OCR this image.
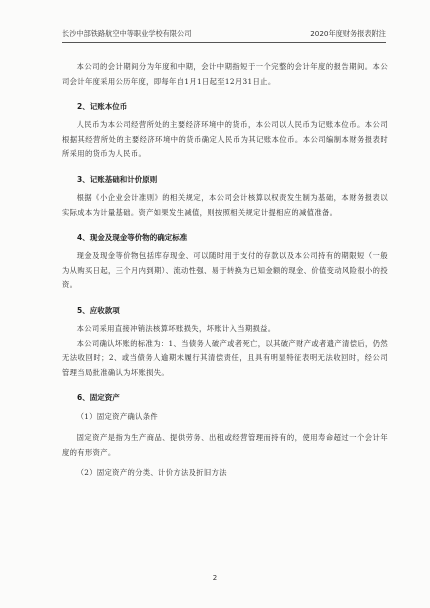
长沙中部铁路航空中等职业学校有限公司	2020年度财务报表附注

本公司的会计期间分为年度和中期，会计中期指短于一个完整的会计年度的报告期间。本公司会计年度采用公历年度，即每年自1月1日起至12月31日止。

2、记账本位币

人民币为本公司经营所处的主要经济环境中的货币，本公司以人民币为记账本位币。本公司根据其经营所处的主要经济环境中的货币确定人民币为其记账本位币。本公司编制本财务报表时所采用的货币为人民币。

3、记账基础和计价原则

根据《小企业会计准则》的相关规定，本公司会计核算以权责发生制为基础，本财务报表以实际成本为计量基础。资产如果发生减值，则按照相关规定计提相应的减值准备。

4、现金及现金等价物的确定标准

现金及现金等价物包括库存现金、可以随时用于支付的存款以及本公司持有的期限短（一般为从购买日起，三个月内到期）、流动性强、易于转换为已知金额的现金、价值变动风险很小的投资。

5、应收款项

本公司采用直接冲销法核算坏账损失，坏账计入当期损益。

本公司确认坏账的标准为：1、当债务人破产或者死亡，以其破产财产或者遗产清偿后，仍然无法收回时；2、或当债务人逾期未履行其清偿责任，且具有明显特征表明无法收回时，经公司管理当局批准确认为坏账损失。

6、固定资产

（1）固定资产确认条件

固定资产是指为生产商品、提供劳务、出租或经营管理而持有的，使用寿命超过一个会计年度的有形资产。

（2）固定资产的分类、计价方法及折旧方法

2
